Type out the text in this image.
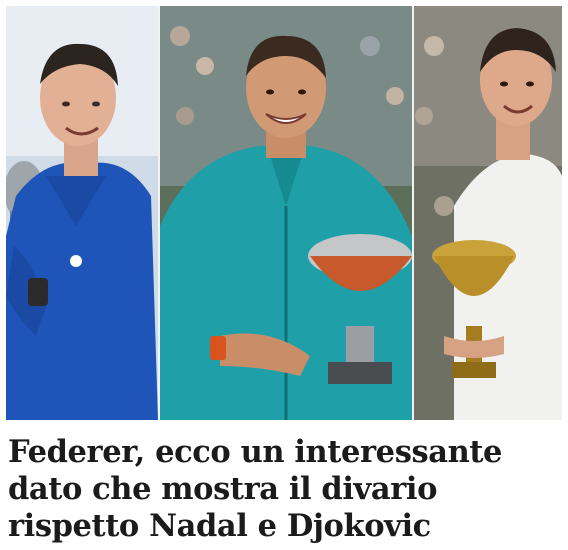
Federer, ecco un interessante dato che mostra il divario rispetto Nadal e Djokovic
